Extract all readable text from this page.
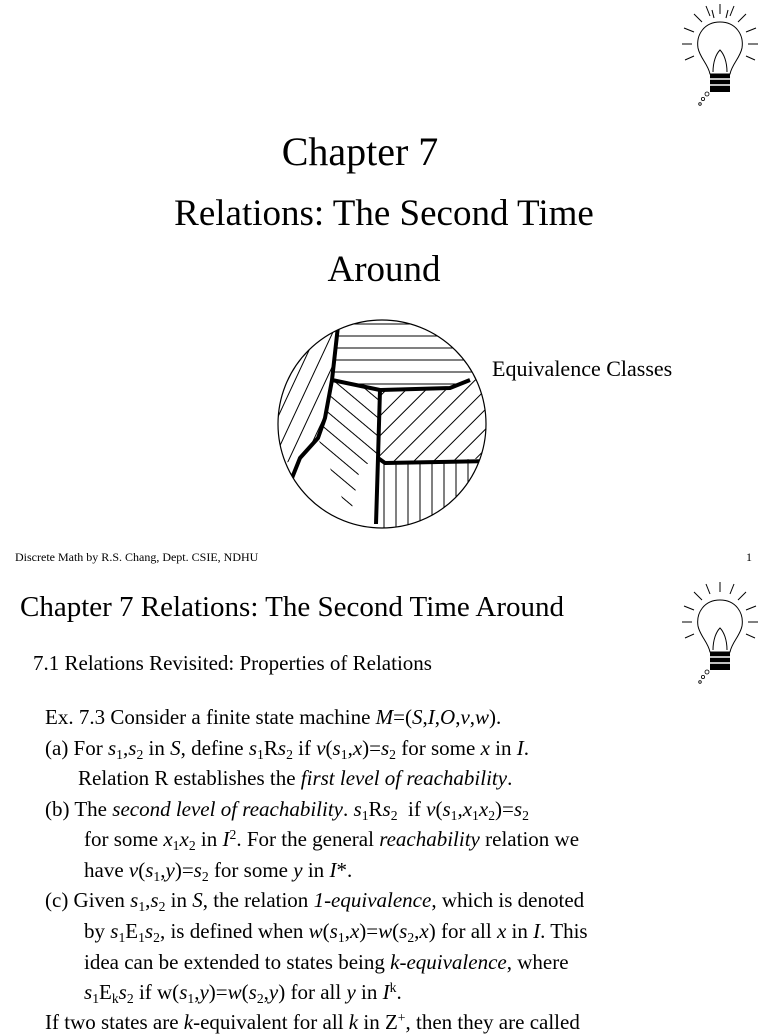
Chapter 7
Relations: The Second Time
Around
Equivalence Classes
Discrete Math by R.S. Chang, Dept. CSIE, NDHU	1
Chapter 7 Relations: The Second Time Around
7.1 Relations Revisited: Properties of Relations
Ex. 7.3 Consider a finite state machine M=(S,I,O,v,w).
(a) For $s_1,s_2$ in S, define $s_1Rs_2$ if $v(s_1,x)=s_2$ for some x in I.
Relation R establishes the first level of reachability.
(b) The second level of reachability. $s_1Rs_2$  if $v(s_1,x_1x_2)=s_2$
for some $x_1x_2$ in $I^2$. For the general reachability relation we
have $v(s_1,y)=s_2$ for some y in I*.
(c) Given $s_1,s_2$ in S, the relation 1-equivalence, which is denoted
by $s_1E_1s_2$, is defined when $w(s_1,x)=w(s_2,x)$ for all x in I. This
idea can be extended to states being k-equivalence, where
$s_1E_ks_2$ if $w(s_1,y)=w(s_2,y)$ for all y in $I^k$.
If two states are k-equivalent for all k in Z+, then they are called
